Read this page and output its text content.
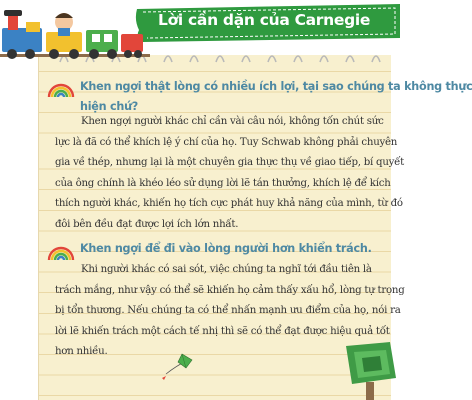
Lời cần dặn của Carnegie
Khen ngợi thật lòng có nhiều ích lợi, tại sao chúng ta không thực
hiện chứ?
Khen ngợi người khác chỉ cần vài câu nói, không tốn chút sức
lực là đã có thể khích lệ ý chí của họ. Tuy Schwab không phải chuyên
gia về thép, nhưng lại là một chuyên gia thực thụ về giao tiếp, bí quyết
của ông chính là khéo léo sử dụng lời lẽ tán thưởng, khích lệ để kích
thích người khác, khiến họ tích cực phát huy khả năng của mình, từ đó
đôi bên đều đạt được lợi ích lớn nhất.
Khen ngợi để đi vào lòng người hơn khiển trách.
Khi người khác có sai sót, việc chúng ta nghĩ tới đầu tiên là
trách mắng, như vậy có thể sẽ khiến họ cảm thấy xấu hổ, lòng tự trọng
bị tổn thương. Nếu chúng ta có thể nhấn mạnh ưu điểm của họ, nói ra
lời lẽ khiến trách một cách tế nhị thì sẽ có thể đạt được hiệu quả tốt
hơn nhiều.
